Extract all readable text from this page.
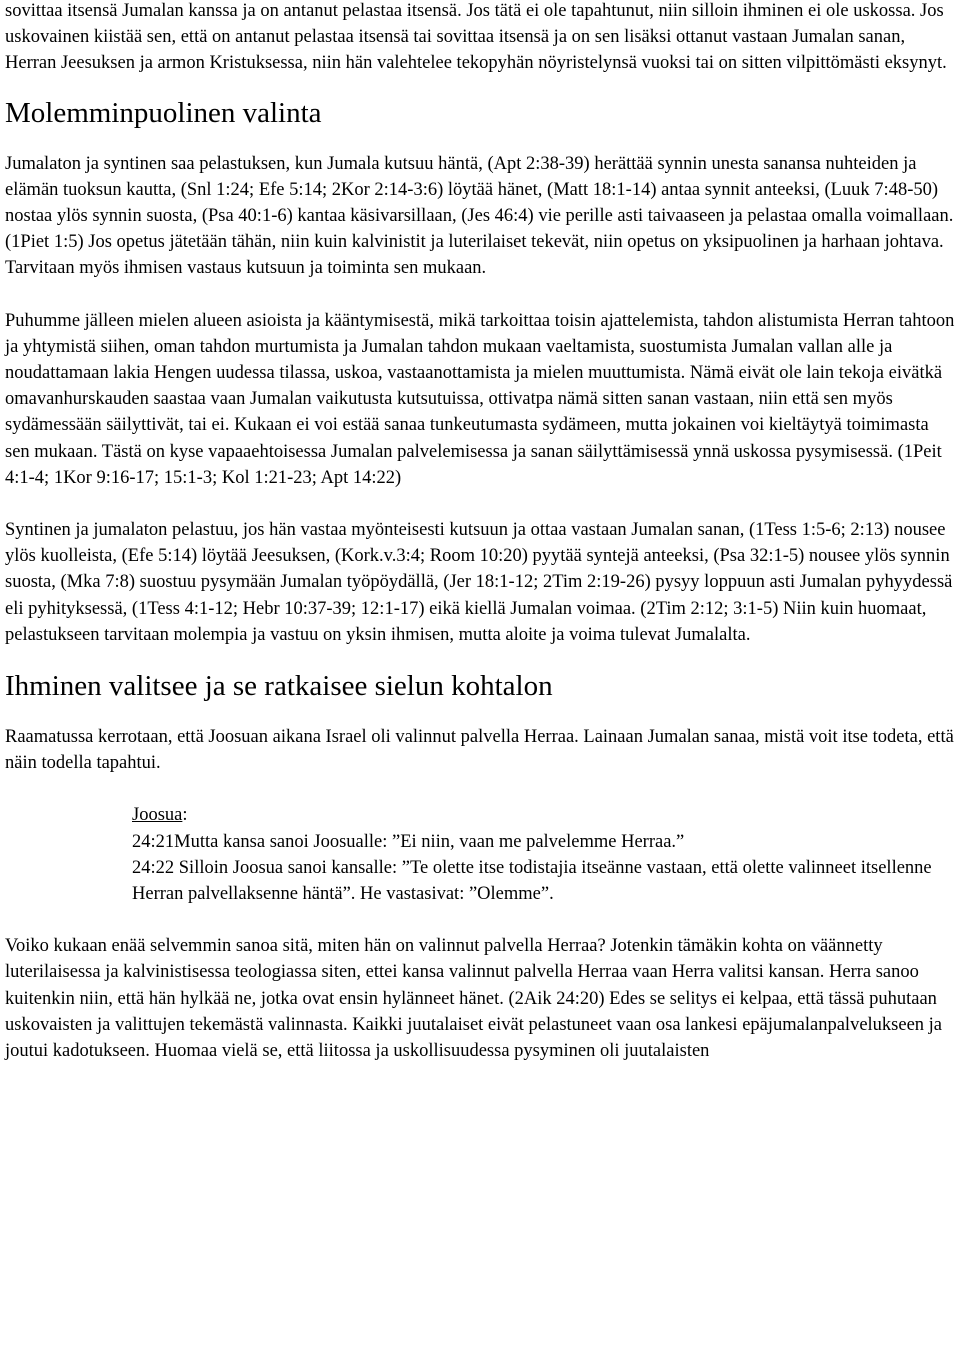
sovittaa itsensä Jumalan kanssa ja on antanut pelastaa itsensä. Jos tätä ei ole tapahtunut, niin silloin ihminen ei ole uskossa. Jos uskovainen kiistää sen, että on antanut pelastaa itsensä tai sovittaa itsensä ja on sen lisäksi ottanut vastaan Jumalan sanan, Herran Jeesuksen ja armon Kristuksessa, niin hän valehtelee tekopyhän nöyristelynsä vuoksi tai on sitten vilpittömästi eksynyt.

Molemminpuolinen valinta

Jumalaton ja syntinen saa pelastuksen, kun Jumala kutsuu häntä, (Apt 2:38-39) herättää synnin unesta sanansa nuhteiden ja elämän tuoksun kautta, (Snl 1:24; Efe 5:14; 2Kor 2:14-3:6) löytää hänet, (Matt 18:1-14) antaa synnit anteeksi, (Luuk 7:48-50) nostaa ylös synnin suosta, (Psa 40:1-6) kantaa käsivarsillaan, (Jes 46:4) vie perille asti taivaaseen ja pelastaa omalla voimallaan. (1Piet 1:5) Jos opetus jätetään tähän, niin kuin kalvinistit ja luterilaiset tekevät, niin opetus on yksipuolinen ja harhaan johtava. Tarvitaan myös ihmisen vastaus kutsuun ja toiminta sen mukaan.

Puhumme jälleen mielen alueen asioista ja kääntymisestä, mikä tarkoittaa toisin ajattelemista, tahdon alistumista Herran tahtoon ja yhtymistä siihen, oman tahdon murtumista ja Jumalan tahdon mukaan vaeltamista, suostumista Jumalan vallan alle ja noudattamaan lakia Hengen uudessa tilassa, uskoa, vastaanottamista ja mielen muuttumista. Nämä eivät ole lain tekoja eivätkä omavanhurskauden saastaa vaan Jumalan vaikutusta kutsutuissa, ottivatpa nämä sitten sanan vastaan, niin että sen myös sydämessään säilyttivät, tai ei. Kukaan ei voi estää sanaa tunkeutumasta sydämeen, mutta jokainen voi kieltäytyä toimimasta sen mukaan. Tästä on kyse vapaaehtoisessa Jumalan palvelemisessa ja sanan säilyttämisessä ynnä uskossa pysymisessä. (1Peit 4:1-4; 1Kor 9:16-17; 15:1-3; Kol 1:21-23; Apt 14:22)

Syntinen ja jumalaton pelastuu, jos hän vastaa myönteisesti kutsuun ja ottaa vastaan Jumalan sanan, (1Tess 1:5-6; 2:13) nousee ylös kuolleista, (Efe 5:14) löytää Jeesuksen, (Kork.v.3:4; Room 10:20) pyytää syntejä anteeksi, (Psa 32:1-5) nousee ylös synnin suosta, (Mka 7:8) suostuu pysymään Jumalan työpöydällä, (Jer 18:1-12; 2Tim 2:19-26) pysyy loppuun asti Jumalan pyhyydessä eli pyhityksessä, (1Tess 4:1-12; Hebr 10:37-39; 12:1-17) eikä kiellä Jumalan voimaa. (2Tim 2:12; 3:1-5) Niin kuin huomaat, pelastukseen tarvitaan molempia ja vastuu on yksin ihmisen, mutta aloite ja voima tulevat Jumalalta.

Ihminen valitsee ja se ratkaisee sielun kohtalon

Raamatussa kerrotaan, että Joosuan aikana Israel oli valinnut palvella Herraa. Lainaan Jumalan sanaa, mistä voit itse todeta, että näin todella tapahtui.

Joosua:
24:21Mutta kansa sanoi Joosualle: ”Ei niin, vaan me palvelemme Herraa.”
24:22 Silloin Joosua sanoi kansalle: ”Te olette itse todistajia itseänne vastaan, että olette valinneet itsellenne Herran palvellaksenne häntä”. He vastasivat: ”Olemme”.

Voiko kukaan enää selvemmin sanoa sitä, miten hän on valinnut palvella Herraa? Jotenkin tämäkin kohta on väännetty luterilaisessa ja kalvinistisessa teologiassa siten, ettei kansa valinnut palvella Herraa vaan Herra valitsi kansan. Herra sanoo kuitenkin niin, että hän hylkää ne, jotka ovat ensin hylänneet hänet. (2Aik 24:20) Edes se selitys ei kelpaa, että tässä puhutaan uskovaisten ja valittujen tekemästä valinnasta. Kaikki juutalaiset eivät pelastuneet vaan osa lankesi epäjumalanpalvelukseen ja joutui kadotukseen. Huomaa vielä se, että liitossa ja uskollisuudessa pysyminen oli juutalaisten
